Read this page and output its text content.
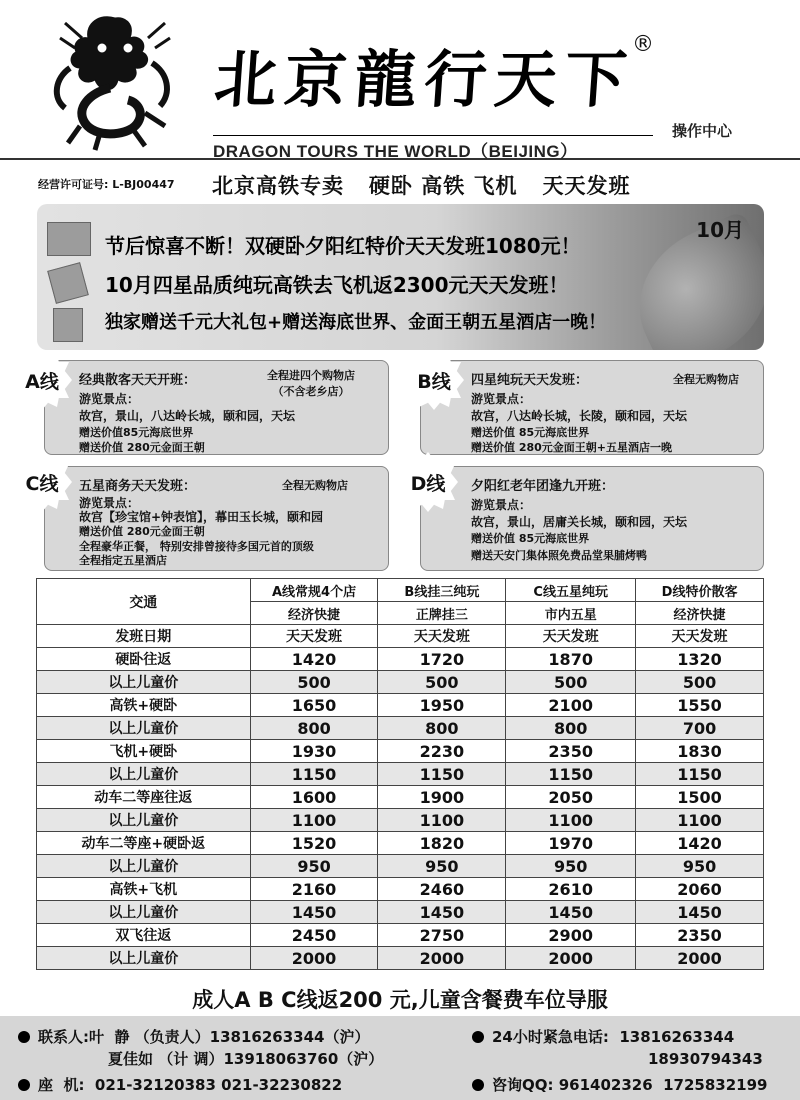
北京龍行天下
®
DRAGON TOURS THE WORLD（BEIJING）
操作中心
经营许可证号: L-BJ00447 北京高铁专卖   硬卧 高铁 飞机   天天发班
10月
节后惊喜不断！双硬卧夕阳红特价天天发班1080元！
10月四星品质纯玩高铁去飞机返2300元天天发班！
独家赠送千元大礼包+赠送海底世界、金面王朝五星酒店一晚！
经典散客天天开班：	全程进四个购物店
（不含老乡店）
游览景点：
故宫，景山，八达岭长城，颐和园，天坛
赠送价值85元海底世界
赠送价值 280元金面王朝
A线	四星纯玩天天发班：	全程无购物店
游览景点：
故宫，八达岭长城，长陵，颐和园，天坛
赠送价值 85元海底世界
赠送价值 280元金面王朝+五星酒店一晚
B线
五星商务天天发班：	全程无购物店
游览景点：
故宫【珍宝馆+钟表馆】，幕田玉长城，颐和园
赠送价值 280元金面王朝
全程豪华正餐， 特别安排曾接待多国元首的顶级
全程指定五星酒店
C线	夕阳红老年团逢九开班：
游览景点：
故宫，景山，居庸关长城，颐和园，天坛
赠送价值 85元海底世界
赠送天安门集体照免费品堂果脯烤鸭
D线
交通	A线常规4个店	B线挂三纯玩	C线五星纯玩	D线特价散客
	经济快捷	正牌挂三	市内五星	经济快捷
发班日期	天天发班	天天发班	天天发班	天天发班
硬卧往返	1420	1720	1870	1320
以上儿童价	500	500	500	500
高铁+硬卧	1650	1950	2100	1550
以上儿童价	800	800	800	700
飞机+硬卧	1930	2230	2350	1830
以上儿童价	1150	1150	1150	1150
动车二等座往返	1600	1900	2050	1500
以上儿童价	1100	1100	1100	1100
动车二等座+硬卧返	1520	1820	1970	1420
以上儿童价	950	950	950	950
高铁+飞机	2160	2460	2610	2060
以上儿童价	1450	1450	1450	1450
双飞往返	2450	2750	2900	2350
以上儿童价	2000	2000	2000	2000
成人A B C线返200 元,儿童含餐费车位导服
联系人:叶  静 （负责人）13816263344（沪）
夏佳如 （计 调）13918063760（沪）
座  机:  021-32120383 021-32230822
24小时紧急电话:  13816263344
18930794343
咨询QQ: 961402326  1725832199
